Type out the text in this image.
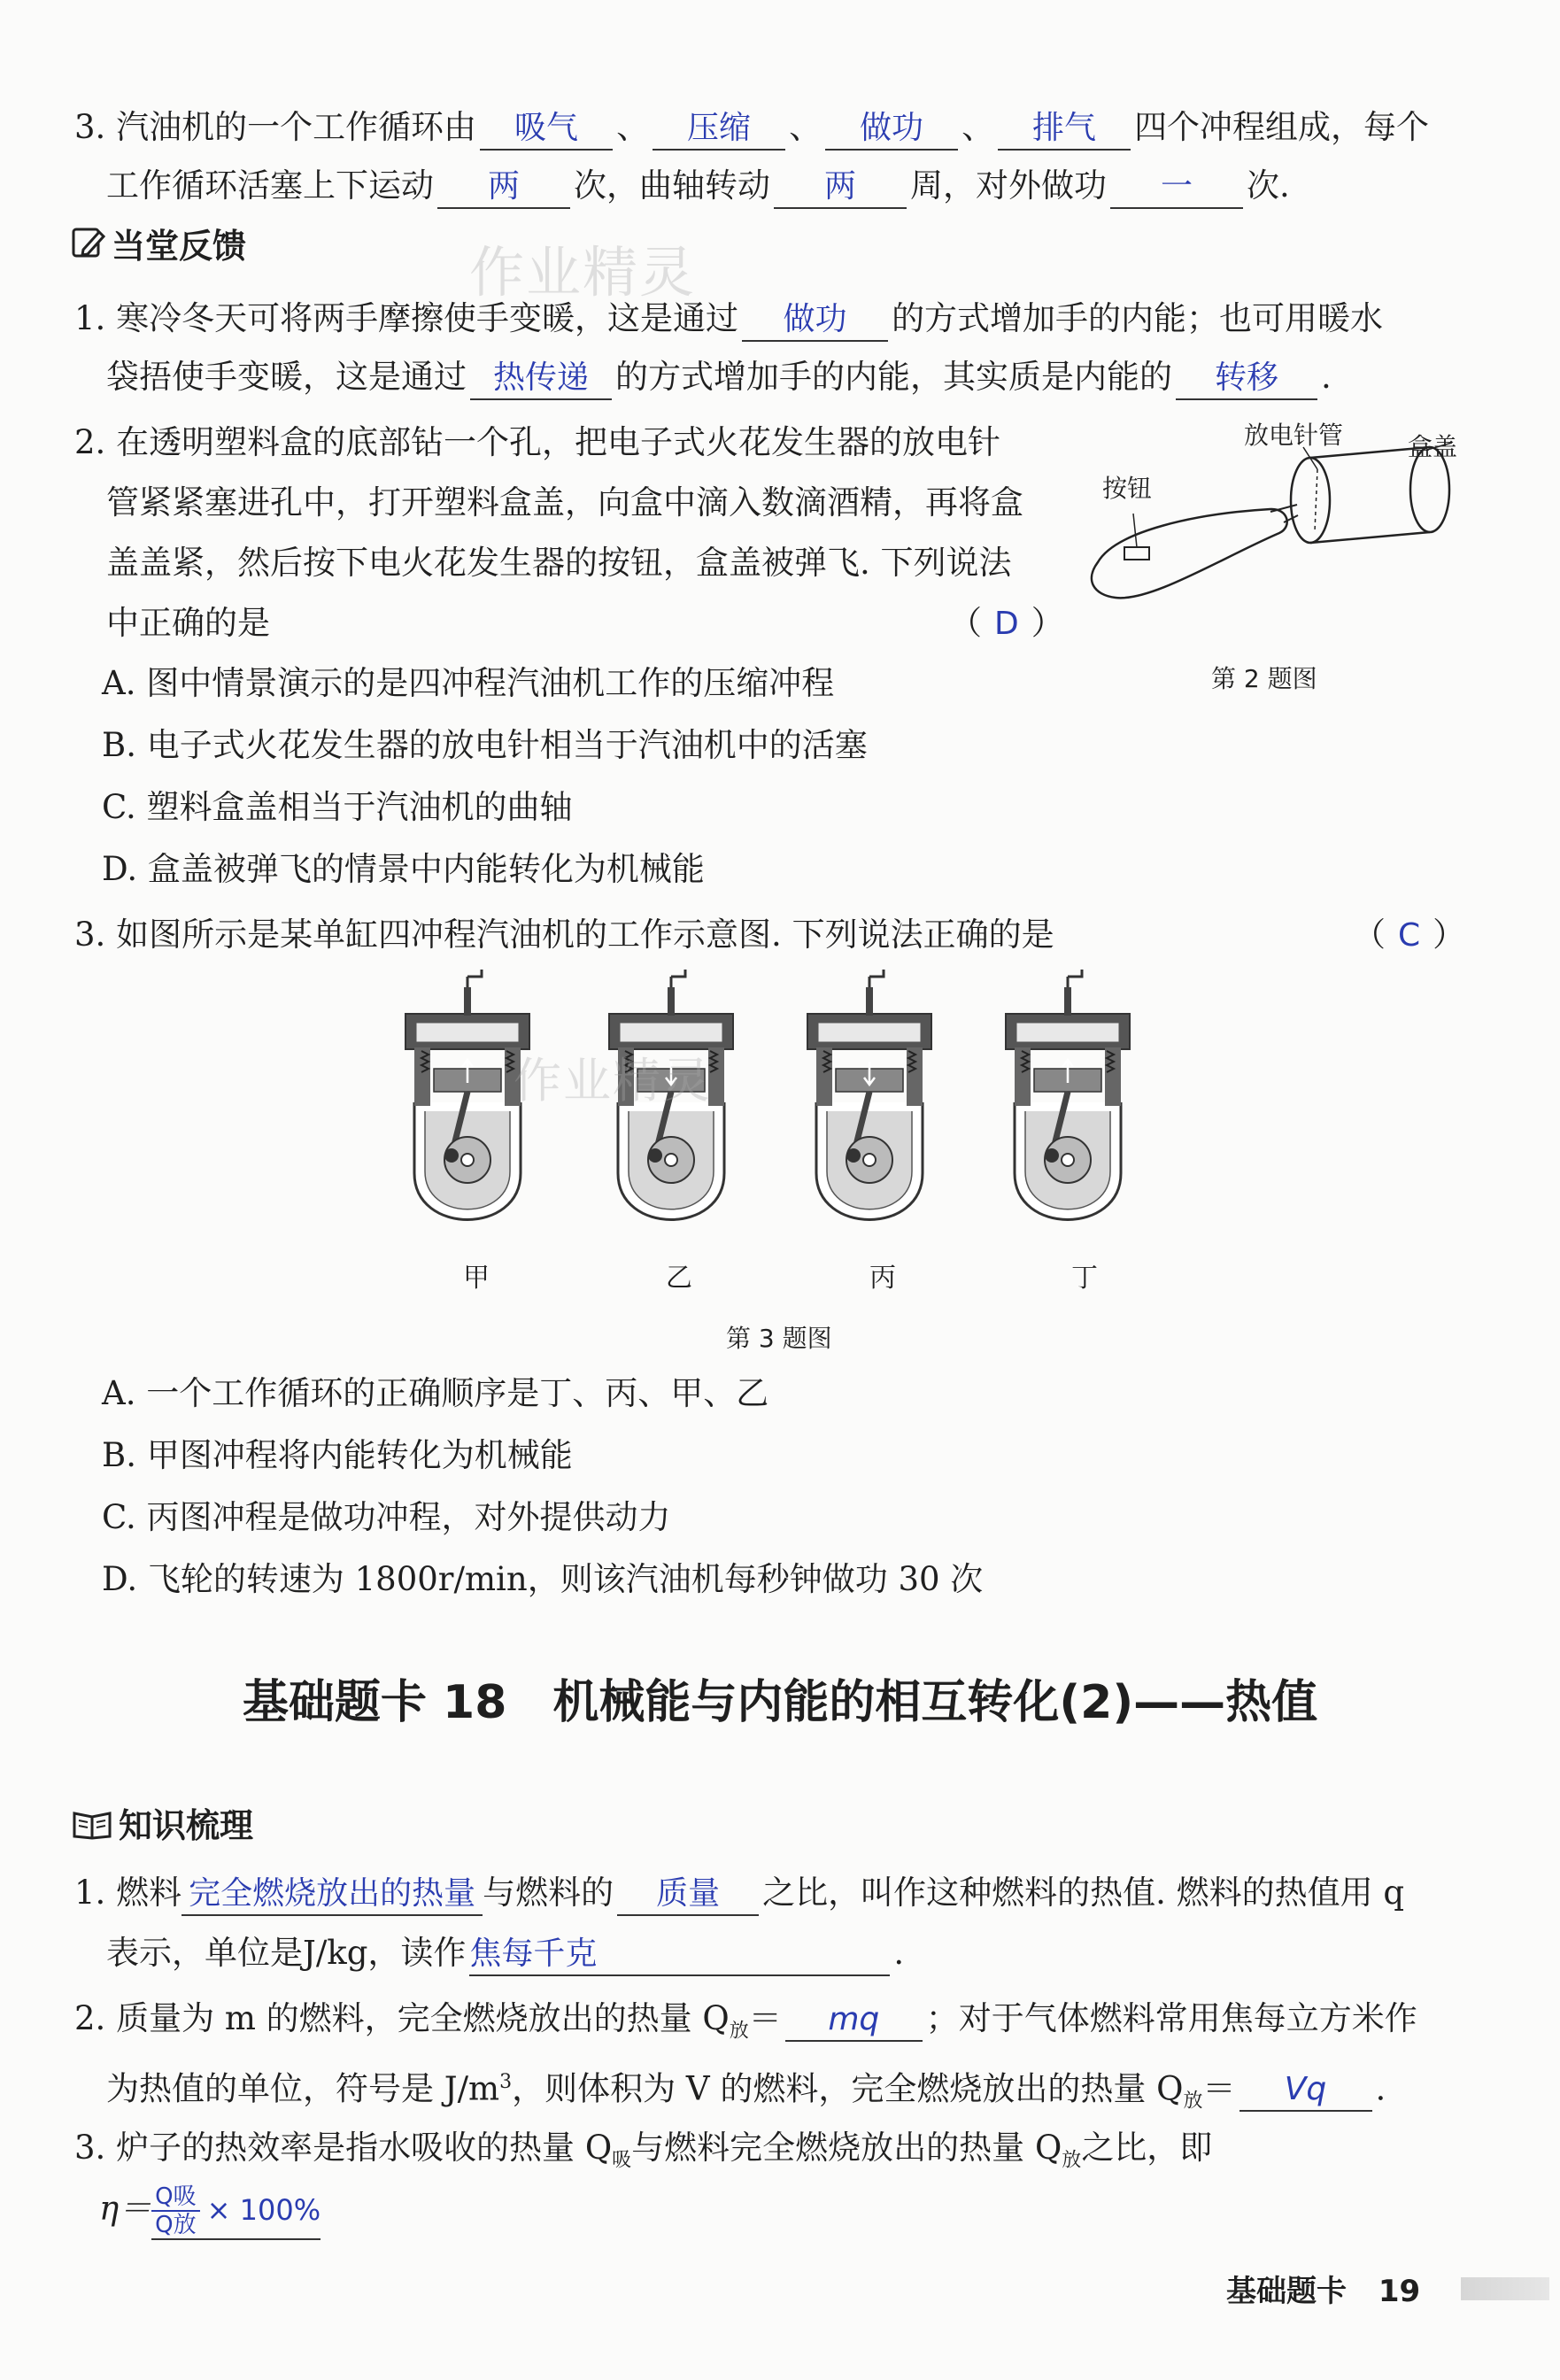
3. 汽油机的一个工作循环由 吸气 、 压缩 、 做功 、 排气 四个冲程组成，每个
工作循环活塞上下运动 两 次，曲轴转动 两 周，对外做功 一 次.
当堂反馈	作业精灵
1. 寒冷冬天可将两手摩擦使手变暖，这是通过 做功 的方式增加手的内能；也可用暖水
袋捂使手变暖，这是通过 热传递 的方式增加手的内能，其实质是内能的 转移 .
2. 在透明塑料盒的底部钻一个孔，把电子式火花发生器的放电针
管紧紧塞进孔中，打开塑料盒盖，向盒中滴入数滴酒精，再将盒
盖盖紧，然后按下电火花发生器的按钮，盒盖被弹飞. 下列说法
中正确的是	（ D ）
放电针管	盒盖
按钮
第 2 题图
A. 图中情景演示的是四冲程汽油机工作的压缩冲程
B. 电子式火花发生器的放电针相当于汽油机中的活塞
C. 塑料盒盖相当于汽油机的曲轴
D. 盒盖被弹飞的情景中内能转化为机械能
3. 如图所示是某单缸四冲程汽油机的工作示意图. 下列说法正确的是	（ C ）
作业精灵
甲	乙	丙	丁
第 3 题图
A. 一个工作循环的正确顺序是丁、丙、甲、乙
B. 甲图冲程将内能转化为机械能
C. 丙图冲程是做功冲程，对外提供动力
D. 飞轮的转速为 1800r/min，则该汽油机每秒钟做功 30 次
基础题卡 18　机械能与内能的相互转化(2)——热值
知识梳理
1. 燃料 完全燃烧放出的热量 与燃料的 质量 之比，叫作这种燃料的热值. 燃料的热值用 q
表示，单位是J/kg，读作 焦每千克	.
2. 质量为 m 的燃料，完全燃烧放出的热量 $Q_放=$ mq ；对于气体燃料常用焦每立方米作
为热值的单位，符号是 $J/m^3$，则体积为 V 的燃料，完全燃烧放出的热量 $Q_放= Vq$ .
3. 炉子的热效率是指水吸收的热量 $Q_吸$与燃料完全燃烧放出的热量 $Q_放$之比，即
$\eta= \frac{\text{Q吸}}{\text{Q放}} \times 100\%$
基础题卡 19
